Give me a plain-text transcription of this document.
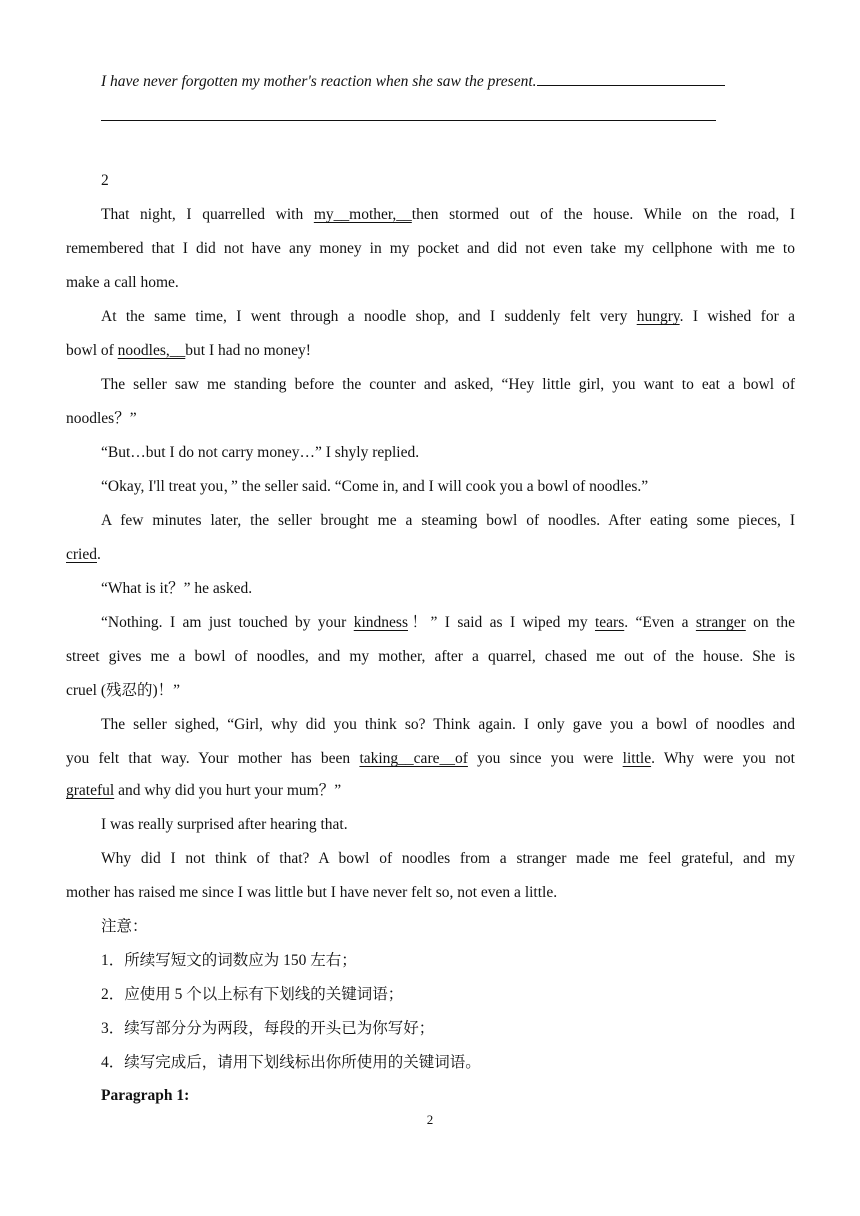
I have never forgotten my mother's reaction when she saw the present.
2
That night, I quarrelled with my__mother,__then stormed out of the house. While on the road, I
remembered that I did not have any money in my pocket and did not even take my cellphone with me to
make a call home.
At the same time, I went through a noodle shop, and I suddenly felt very hungry. I wished for a
bowl of noodles,__but I had no money!
The seller saw me standing before the counter and asked, “Hey little girl, you want to eat a bowl of
noodles？”
“But…but I do not carry money…” I shyly replied.
“Okay, I'll treat you，” the seller said. “Come in, and I will cook you a bowl of noodles.”
A few minutes later, the seller brought me a steaming bowl of noodles. After eating some pieces, I
cried.
“What is it？” he asked.
“Nothing. I am just touched by your kindness！” I said as I wiped my tears. “Even a stranger on the
street gives me a bowl of noodles, and my mother, after a quarrel, chased me out of the house. She is
cruel (残忍的)！”
The seller sighed, “Girl, why did you think so? Think again. I only gave you a bowl of noodles and
you felt that way. Your mother has been taking__care__of you since you were little. Why were you not
grateful and why did you hurt your mum？”
I was really surprised after hearing that.
Why did I not think of that? A bowl of noodles from a stranger made me feel grateful, and my
mother has raised me since I was little but I have never felt so, not even a little.
注意：
1．所续写短文的词数应为 150 左右；
2．应使用 5 个以上标有下划线的关键词语；
3．续写部分分为两段，每段的开头已为你写好；
4．续写完成后，请用下划线标出你所使用的关键词语。
Paragraph 1:
2
